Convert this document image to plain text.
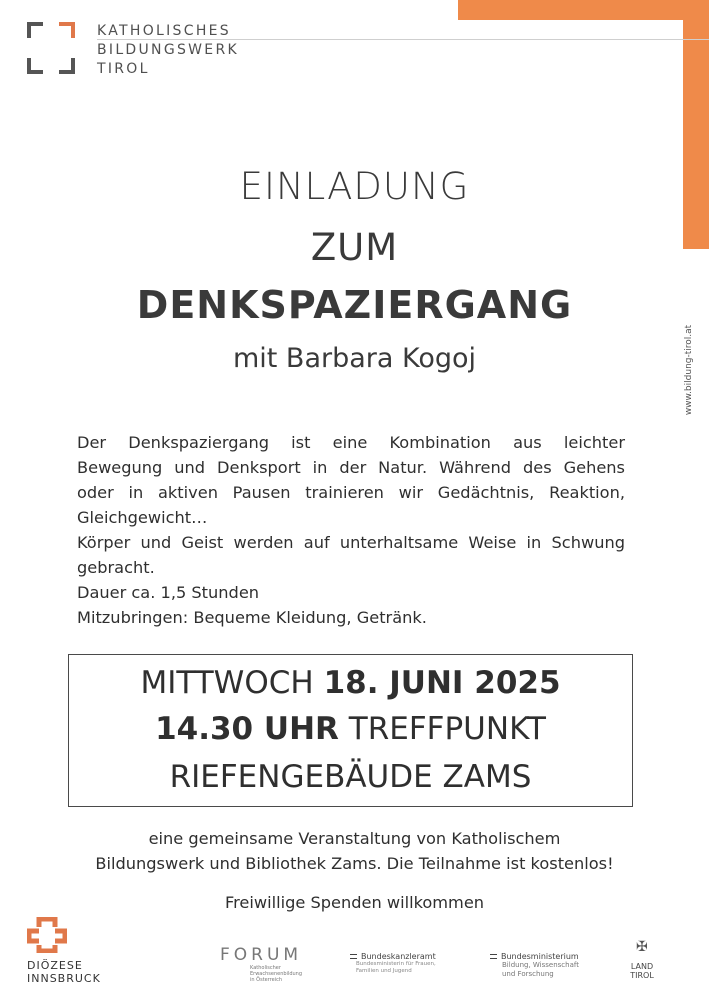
KATHOLISCHES
BILDUNGSWERK
TIROL
www.bildung-tirol.at
EINLADUNG
ZUM
DENKSPAZIERGANG
mit Barbara Kogoj
Der Denkspaziergang ist eine Kombination aus leichter
Bewegung und Denksport in der Natur. Während des Gehens
oder in aktiven Pausen trainieren wir Gedächtnis, Reaktion,
Gleichgewicht…
Körper und Geist werden auf unterhaltsame Weise in Schwung
gebracht.
Dauer ca. 1,5 Stunden
Mitzubringen: Bequeme Kleidung, Getränk.
MITTWOCH 18. JUNI 2025
14.30 UHR TREFFPUNKT
RIEFENGEBÄUDE ZAMS
eine gemeinsame Veranstaltung von Katholischem
Bildungswerk und Bibliothek Zams. Die Teilnahme ist kostenlos!
Freiwillige Spenden willkommen
DIÖZESE
INNSBRUCK
FORUM
Katholischer
Erwachsenenbildung
in Österreich
Bundeskanzleramt
Bundesministerin für Frauen,
Familien und Jugend
Bundesministerium
Bildung, Wissenschaft
und Forschung
✠
LAND
TIROL
